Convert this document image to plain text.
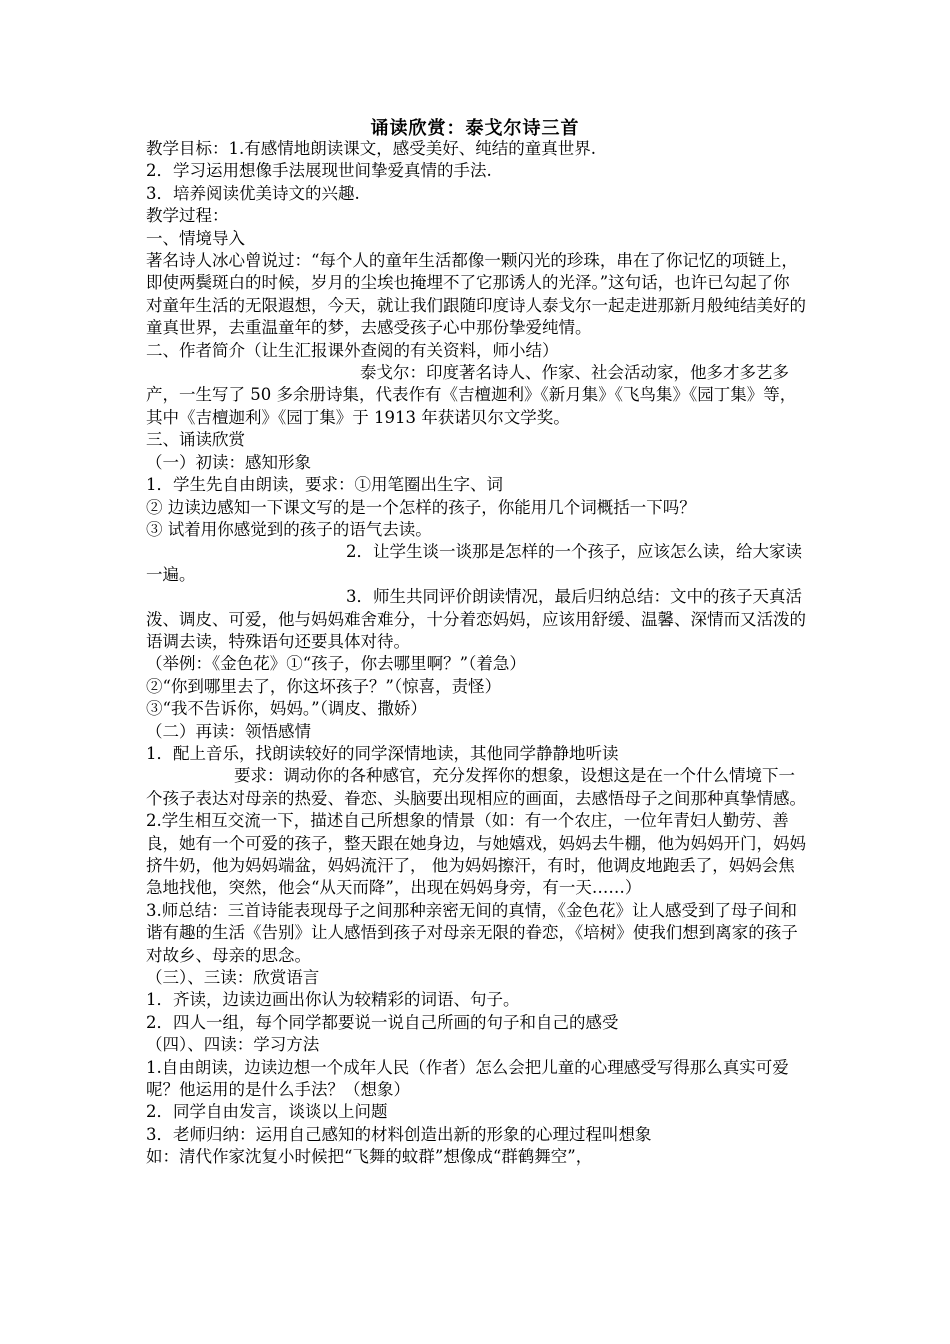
诵读欣赏：泰戈尔诗三首

教学目标：1.有感情地朗读课文，感受美好、纯结的童真世界.

2．学习运用想像手法展现世间挚爱真情的手法.

3．培养阅读优美诗文的兴趣.

教学过程：

一、情境导入

著名诗人冰心曾说过：“每个人的童年生活都像一颗闪光的珍珠，串在了你记忆的项链上，即使两鬓斑白的时候，岁月的尘埃也掩埋不了它那诱人的光泽。”这句话，也许已勾起了你对童年生活的无限遐想，今天，就让我们跟随印度诗人泰戈尔一起走进那新月般纯结美好的童真世界，去重温童年的梦，去感受孩子心中那份挚爱纯情。

二、作者简介（让生汇报课外查阅的有关资料，师小结）

泰戈尔：印度著名诗人、作家、社会活动家，他多才多艺多产，一生写了 50 多余册诗集，代表作有《吉檀迦利》《新月集》《飞鸟集》《园丁集》等，其中《吉檀迦利》《园丁集》于 1913 年获诺贝尔文学奖。

三、诵读欣赏

（一）初读：感知形象

1．学生先自由朗读，要求：①用笔圈出生字、词

② 边读边感知一下课文写的是一个怎样的孩子，你能用几个词概括一下吗？

③ 试着用你感觉到的孩子的语气去读。

2．让学生谈一谈那是怎样的一个孩子，应该怎么读，给大家读一遍。

3．师生共同评价朗读情况，最后归纳总结：文中的孩子天真活泼、调皮、可爱，他与妈妈难舍难分，十分着恋妈妈，应该用舒缓、温馨、深情而又活泼的语调去读，特殊语句还要具体对待。

（举例：《金色花》①“孩子，你去哪里啊？”（着急）

②“你到哪里去了，你这坏孩子？”（惊喜，责怪）

③“我不告诉你，妈妈。”（调皮、撒娇）

（二）再读：领悟感情

1．配上音乐，找朗读较好的同学深情地读，其他同学静静地听读

要求：调动你的各种感官，充分发挥你的想象，设想这是在一个什么情境下一个孩子表达对母亲的热爱、眷恋、头脑要出现相应的画面，去感悟母子之间那种真挚情感。

2.学生相互交流一下，描述自己所想象的情景（如：有一个农庄，一位年青妇人勤劳、善良，她有一个可爱的孩子，整天跟在她身边，与她嬉戏，妈妈去牛棚，他为妈妈开门，妈妈挤牛奶，他为妈妈端盆，妈妈流汗了， 他为妈妈擦汗，有时，他调皮地跑丢了，妈妈会焦急地找他，突然，他会“从天而降”，出现在妈妈身旁，有一天……）

3.师总结：三首诗能表现母子之间那种亲密无间的真情，《金色花》让人感受到了母子间和谐有趣的生活《告别》让人感悟到孩子对母亲无限的眷恋，《培树》使我们想到离家的孩子对故乡、母亲的思念。

（三）、三读：欣赏语言

1．齐读，边读边画出你认为较精彩的词语、句子。

2．四人一组，每个同学都要说一说自己所画的句子和自己的感受

（四）、四读：学习方法

1.自由朗读，边读边想一个成年人民（作者）怎么会把儿童的心理感受写得那么真实可爱呢？他运用的是什么手法？（想象）

2．同学自由发言，谈谈以上问题

3．老师归纳：运用自己感知的材料创造出新的形象的心理过程叫想象

如：清代作家沈复小时候把“飞舞的蚊群”想像成“群鹤舞空”，
